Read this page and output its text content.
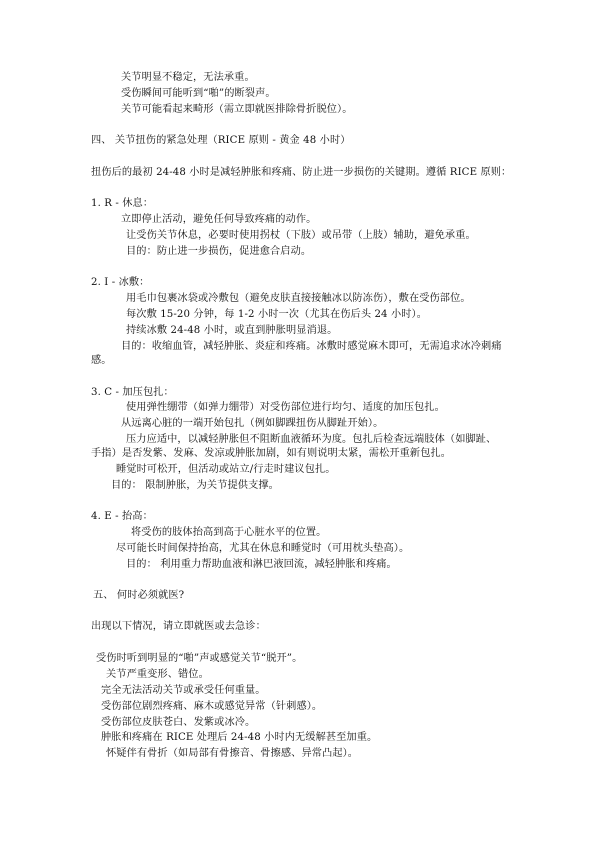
关节明显不稳定，无法承重。
受伤瞬间可能听到“啪”的断裂声。
关节可能看起来畸形（需立即就医排除骨折脱位）。
四、 关节扭伤的紧急处理（RICE 原则 - 黄金 48 小时）
扭伤后的最初 24-48 小时是减轻肿胀和疼痛、防止进一步损伤的关键期。遵循 RICE 原则：
1. R - 休息：
立即停止活动，避免任何导致疼痛的动作。
让受伤关节休息，必要时使用拐杖（下肢）或吊带（上肢）辅助，避免承重。
目的：防止进一步损伤，促进愈合启动。
2. I - 冰敷：
用毛巾包裹冰袋或冷敷包（避免皮肤直接接触冰以防冻伤），敷在受伤部位。
每次敷 15-20 分钟，每 1-2 小时一次（尤其在伤后头 24 小时）。
持续冰敷 24-48 小时，或直到肿胀明显消退。
目的：收缩血管，减轻肿胀、炎症和疼痛。冰敷时感觉麻木即可，无需追求冰冷刺痛
感。
3. C - 加压包扎：
使用弹性绷带（如弹力绷带）对受伤部位进行均匀、适度的加压包扎。
从远离心脏的一端开始包扎（例如脚踝扭伤从脚趾开始）。
压力应适中，以减轻肿胀但不阻断血液循环为度。包扎后检查远端肢体（如脚趾、
手指）是否发紫、发麻、发凉或肿胀加剧，如有则说明太紧，需松开重新包扎。
睡觉时可松开，但活动或站立/行走时建议包扎。
目的： 限制肿胀，为关节提供支撑。
4. E - 抬高：
将受伤的肢体抬高到高于心脏水平的位置。
尽可能长时间保持抬高，尤其在休息和睡觉时（可用枕头垫高）。
目的： 利用重力帮助血液和淋巴液回流，减轻肿胀和疼痛。
五、 何时必须就医?
出现以下情况，请立即就医或去急诊：
受伤时听到明显的“啪”声或感觉关节“脱开”。
关节严重变形、错位。
完全无法活动关节或承受任何重量。
受伤部位剧烈疼痛、麻木或感觉异常（针刺感）。
受伤部位皮肤苍白、发紫或冰冷。
肿胀和疼痛在 RICE 处理后 24-48 小时内无缓解甚至加重。
怀疑伴有骨折（如局部有骨擦音、骨擦感、异常凸起）。
